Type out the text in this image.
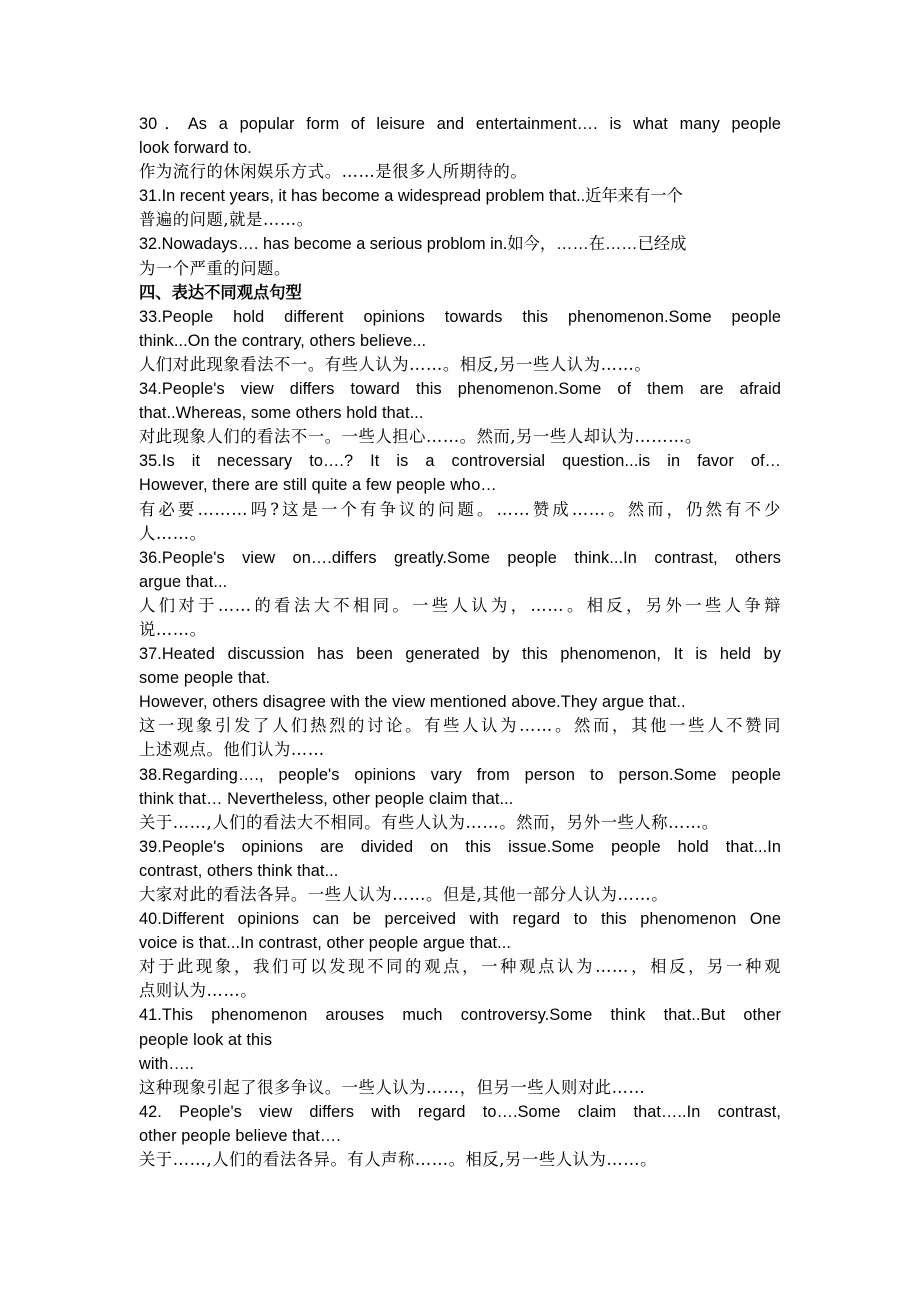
30．As a popular form of leisure and entertainment…. is what many people
look forward to.
作为流行的休闲娱乐方式。……是很多人所期待的。
31.In recent years, it has become a widespread problem that..近年来有一个
普遍的问题,就是……。
32.Nowadays…. has become a serious problom in.如今，……在……已经成
为一个严重的问题。
四、表达不同观点句型
33.People hold different opinions towards this phenomenon.Some people
think...On the contrary, others believe...
人们对此现象看法不一。有些人认为……。相反,另一些人认为……。
34.People's view differs toward this phenomenon.Some of them are afraid
that..Whereas, some others hold that...
对此现象人们的看法不一。一些人担心……。然而,另一些人却认为………。
35.Is it necessary to….? It is a controversial question...is in favor of…
However, there are still quite a few people who…
有必要………吗?这是一个有争议的问题。……赞成……。然而，仍然有不少
人……。
36.People's view on….differs greatly.Some people think...In contrast, others
argue that...
人们对于……的看法大不相同。一些人认为，……。相反，另外一些人争辩
说……。
37.Heated discussion has been generated by this phenomenon, It is held by
some people that.
However, others disagree with the view mentioned above.They argue that..
这一现象引发了人们热烈的讨论。有些人认为……。然而，其他一些人不赞同
上述观点。他们认为……
38.Regarding…., people's opinions vary from person to person.Some people
think that… Nevertheless, other people claim that...
关于……,人们的看法大不相同。有些人认为……。然而，另外一些人称……。
39.People's opinions are divided on this issue.Some people hold that...In
contrast, others think that...
大家对此的看法各异。一些人认为……。但是,其他一部分人认为……。
40.Different opinions can be perceived with regard to this phenomenon One
voice is that...In contrast, other people argue that...
对于此现象，我们可以发现不同的观点，一种观点认为……，相反，另一种观
点则认为……。
41.This phenomenon arouses much controversy.Some think that..But other
people look at this
with…..
这种现象引起了很多争议。一些人认为……，但另一些人则对此……
42. People's view differs with regard to….Some claim that…..In contrast,
other people believe that….
关于……,人们的看法各异。有人声称……。相反,另一些人认为……。
